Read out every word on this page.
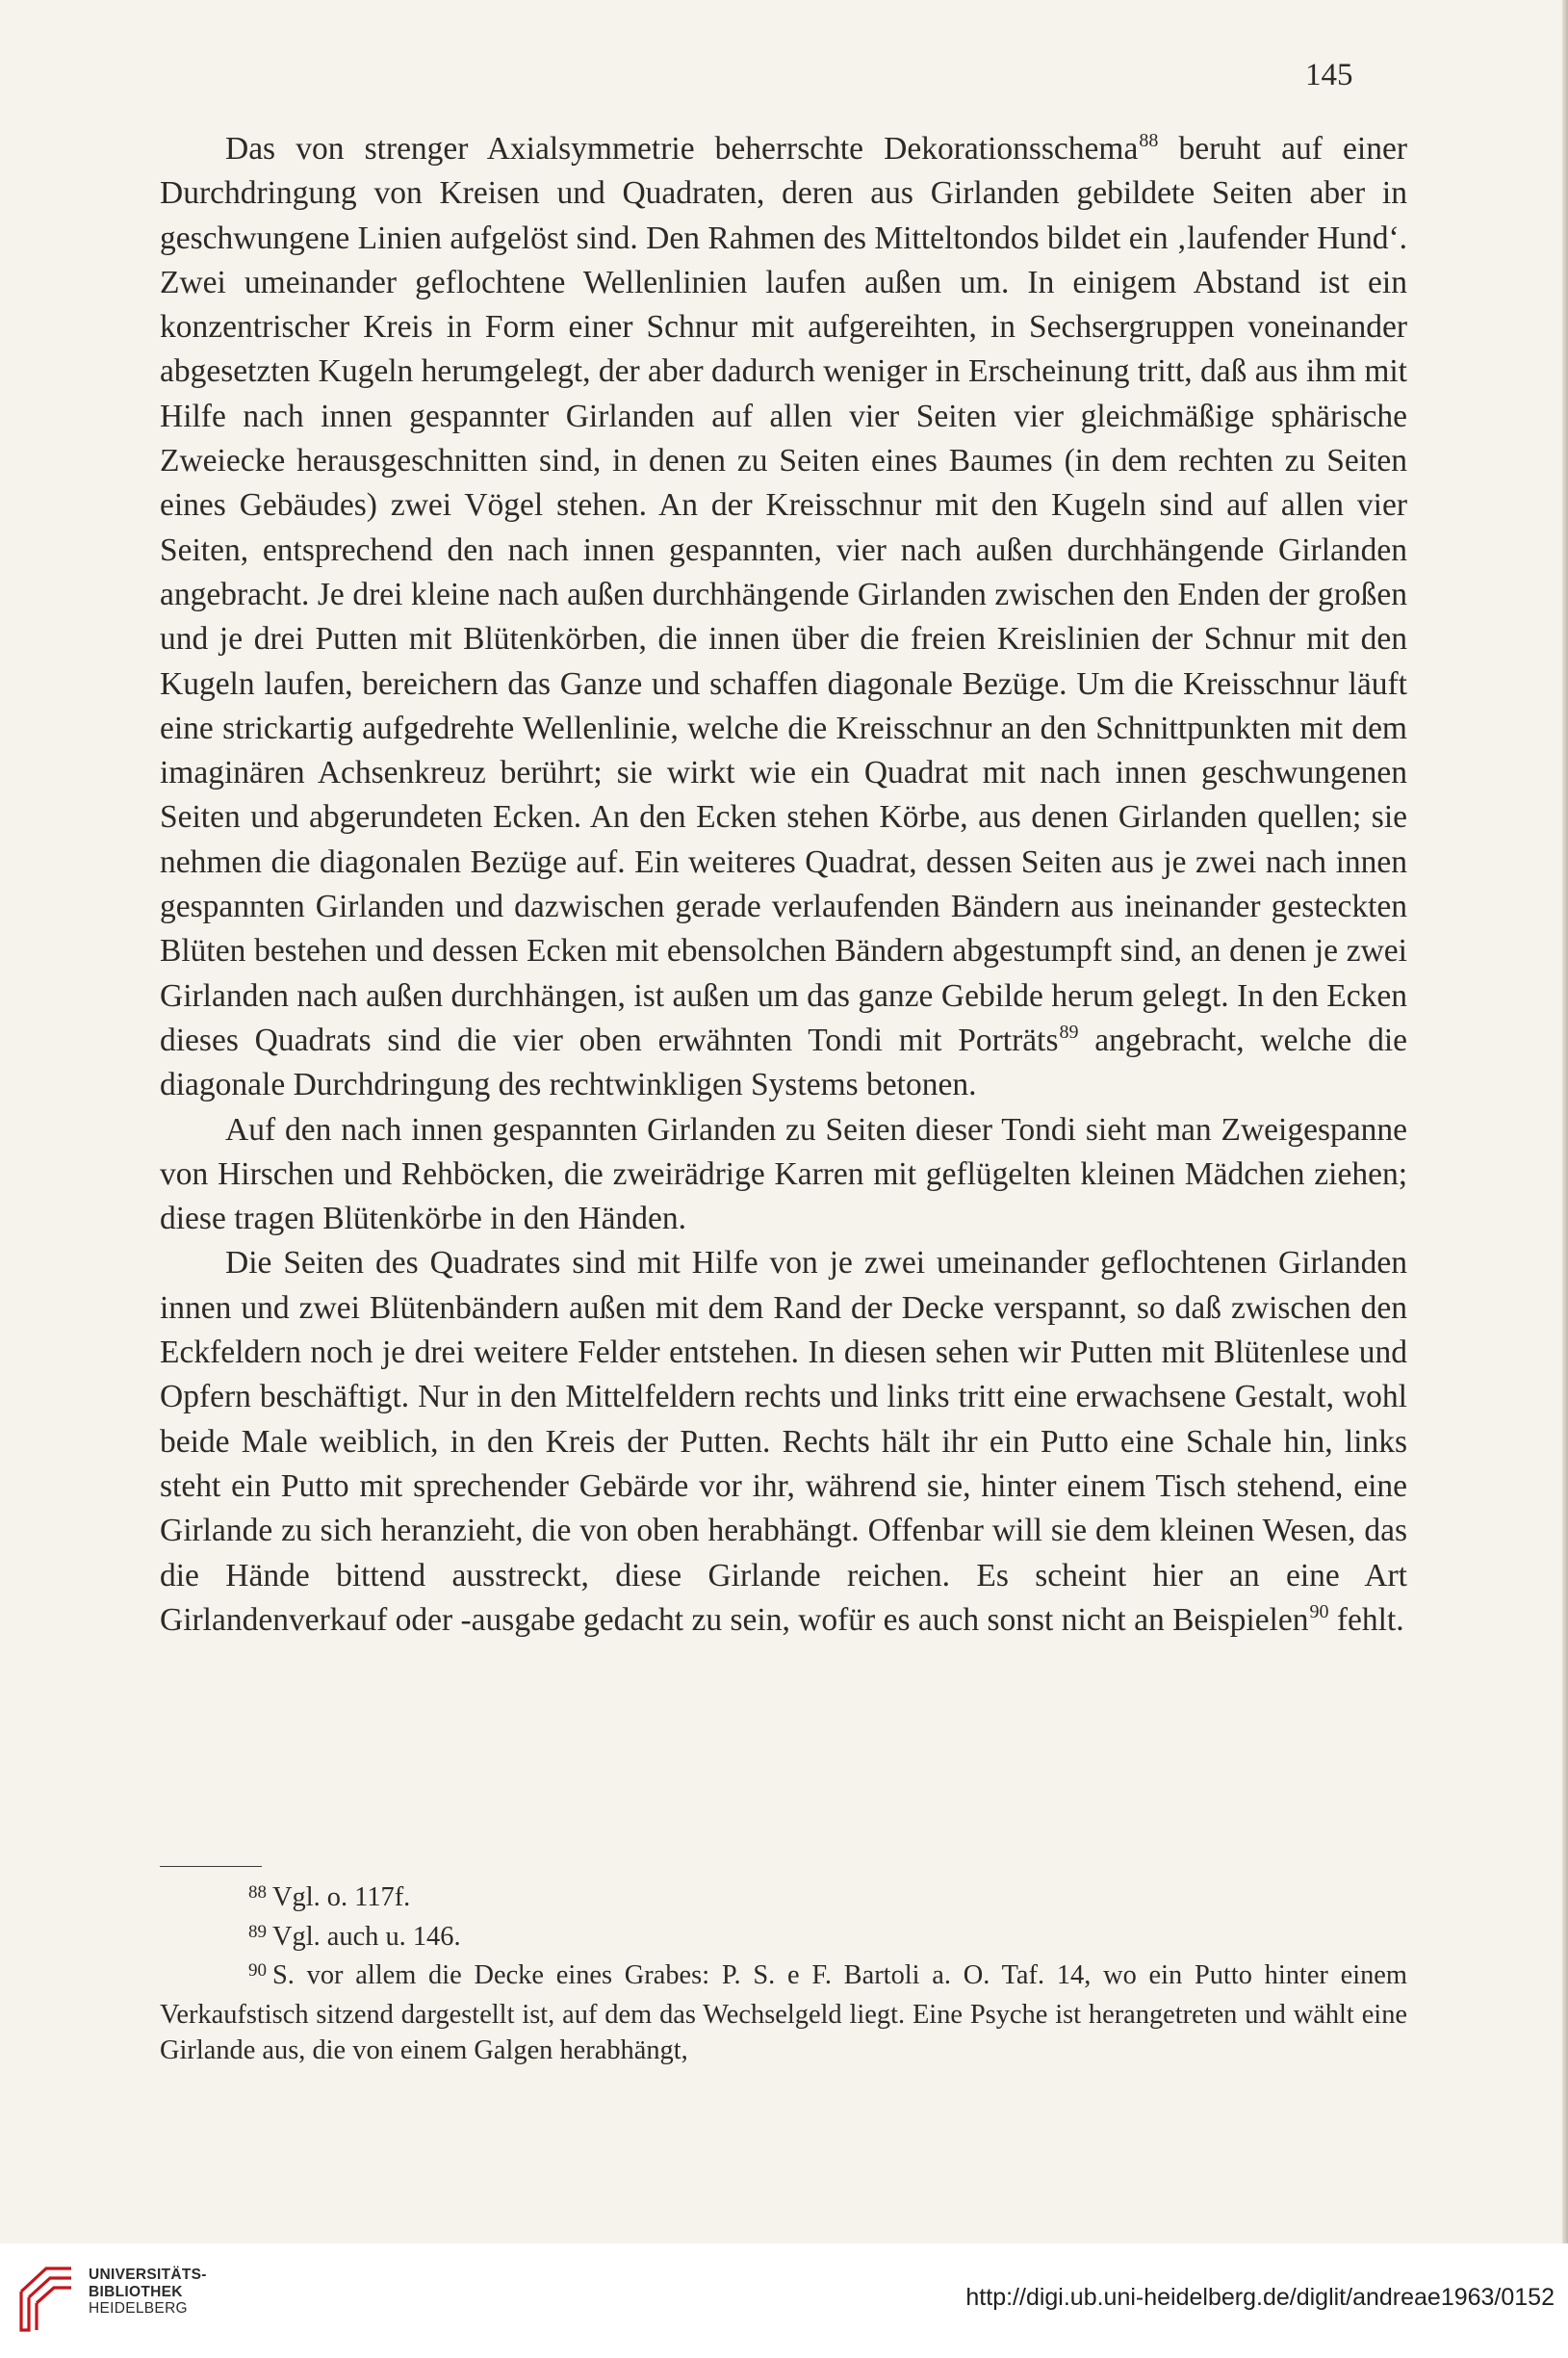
145

Das von strenger Axialsymmetrie beherrschte Dekorationsschema$^{88}$ beruht auf einer Durchdringung von Kreisen und Quadraten, deren aus Girlanden gebildete Seiten aber in geschwungene Linien aufgelöst sind. Den Rahmen des Mitteltondos bildet ein ‚laufender Hund‘. Zwei umeinander geflochtene Wellenlinien laufen außen um. In einigem Abstand ist ein konzentrischer Kreis in Form einer Schnur mit aufgereihten, in Sechsergruppen voneinander abgesetzten Kugeln herumgelegt, der aber dadurch weniger in Erscheinung tritt, daß aus ihm mit Hilfe nach innen gespannter Girlanden auf allen vier Seiten vier gleichmäßige sphärische Zweiecke herausgeschnitten sind, in denen zu Seiten eines Baumes (in dem rechten zu Seiten eines Gebäudes) zwei Vögel stehen. An der Kreisschnur mit den Kugeln sind auf allen vier Seiten, entsprechend den nach innen gespannten, vier nach außen durchhängende Girlanden angebracht. Je drei kleine nach außen durchhängende Girlanden zwischen den Enden der großen und je drei Putten mit Blütenkörben, die innen über die freien Kreislinien der Schnur mit den Kugeln laufen, bereichern das Ganze und schaffen diagonale Bezüge. Um die Kreisschnur läuft eine strickartig aufgedrehte Wellenlinie, welche die Kreisschnur an den Schnittpunkten mit dem imaginären Achsenkreuz berührt; sie wirkt wie ein Quadrat mit nach innen geschwungenen Seiten und abgerundeten Ecken. An den Ecken stehen Körbe, aus denen Girlanden quellen; sie nehmen die diagonalen Bezüge auf. Ein weiteres Quadrat, dessen Seiten aus je zwei nach innen gespannten Girlanden und dazwischen gerade verlaufenden Bändern aus ineinander gesteckten Blüten bestehen und dessen Ecken mit ebensolchen Bändern abgestumpft sind, an denen je zwei Girlanden nach außen durchhängen, ist außen um das ganze Gebilde herum gelegt. In den Ecken dieses Quadrats sind die vier oben erwähnten Tondi mit Porträts$^{89}$ angebracht, welche die diagonale Durchdringung des rechtwinkligen Systems betonen.

Auf den nach innen gespannten Girlanden zu Seiten dieser Tondi sieht man Zweigespanne von Hirschen und Rehböcken, die zweirädrige Karren mit geflügelten kleinen Mädchen ziehen; diese tragen Blütenkörbe in den Händen.

Die Seiten des Quadrates sind mit Hilfe von je zwei umeinander geflochtenen Girlanden innen und zwei Blütenbändern außen mit dem Rand der Decke verspannt, so daß zwischen den Eckfeldern noch je drei weitere Felder entstehen. In diesen sehen wir Putten mit Blütenlese und Opfern beschäftigt. Nur in den Mittelfeldern rechts und links tritt eine erwachsene Gestalt, wohl beide Male weiblich, in den Kreis der Putten. Rechts hält ihr ein Putto eine Schale hin, links steht ein Putto mit sprechender Gebärde vor ihr, während sie, hinter einem Tisch stehend, eine Girlande zu sich heranzieht, die von oben herabhängt. Offenbar will sie dem kleinen Wesen, das die Hände bittend ausstreckt, diese Girlande reichen. Es scheint hier an eine Art Girlandenverkauf oder -ausgabe gedacht zu sein, wofür es auch sonst nicht an Beispielen$^{90}$ fehlt.

$^{88}$ Vgl. o. 117f.

$^{89}$ Vgl. auch u. 146.

$^{90}$ S. vor allem die Decke eines Grabes: P. S. e F. Bartoli a. O. Taf. 14, wo ein Putto hinter einem Verkaufstisch sitzend dargestellt ist, auf dem das Wechselgeld liegt. Eine Psyche ist herangetreten und wählt eine Girlande aus, die von einem Galgen herabhängt,

UNIVERSITÄTS-
BIBLIOTHEK
HEIDELBERG	http://digi.ub.uni-heidelberg.de/diglit/andreae1963/0152
